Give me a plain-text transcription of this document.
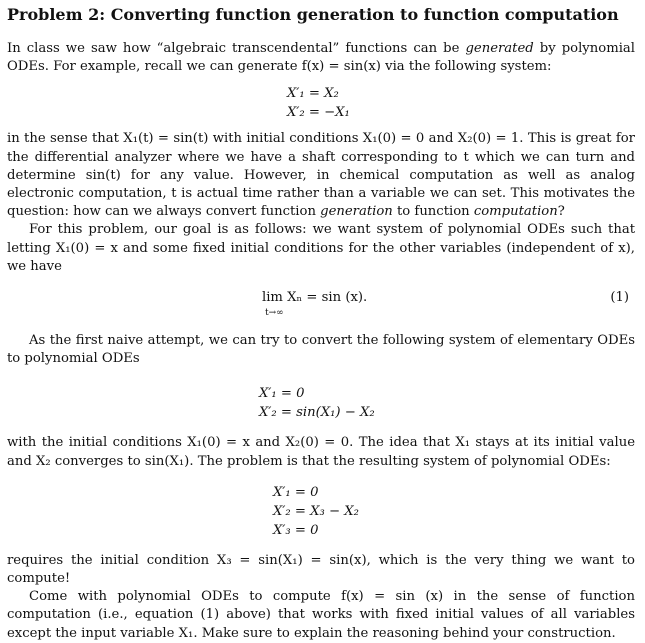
Problem 2: Converting function generation to function computation

In class we saw how “algebraic transcendental” functions can be generated by polynomial ODEs. For example, recall we can generate f(x) = sin(x) via the following system:

X′₁ = X₂
X′₂ = −X₁

in the sense that X₁(t) = sin(t) with initial conditions X₁(0) = 0 and X₂(0) = 1. This is great for the differential analyzer where we have a shaft corresponding to t which we can turn and determine sin(t) for any value. However, in chemical computation as well as analog electronic computation, t is actual time rather than a variable we can set. This motivates the question: how can we always convert function generation to function computation?

For this problem, our goal is as follows: we want system of polynomial ODEs such that letting X₁(0) = x and some fixed initial conditions for the other variables (independent of x), we have

lim Xₙ = sin (x).
t→∞
(1)

As the first naive attempt, we can try to convert the following system of elementary ODEs to polynomial ODEs

X′₁ = 0
X′₂ = sin(X₁) − X₂

with the initial conditions X₁(0) = x and X₂(0) = 0. The idea that X₁ stays at its initial value and X₂ converges to sin(X₁). The problem is that the resulting system of polynomial ODEs:

X′₁ = 0
X′₂ = X₃ − X₂
X′₃ = 0

requires the initial condition X₃ = sin(X₁) = sin(x), which is the very thing we want to compute!

Come with polynomial ODEs to compute f(x) = sin (x) in the sense of function computation (i.e., equation (1) above) that works with fixed initial values of all variables except the input variable X₁. Make sure to explain the reasoning behind your construction.
